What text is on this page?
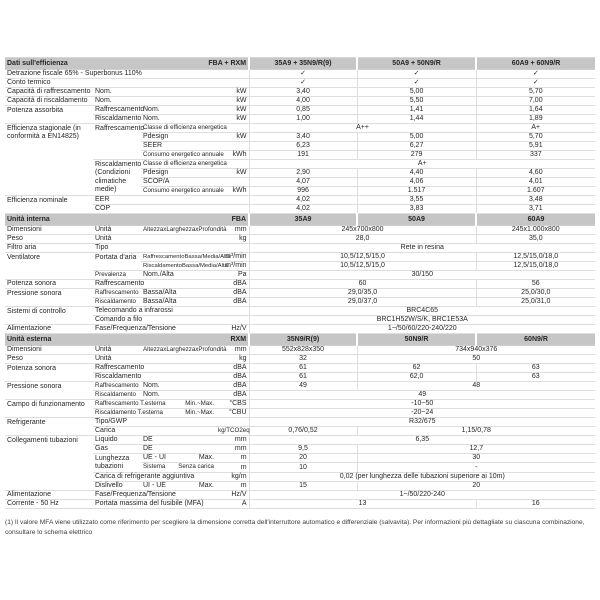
Dati sull'efficienza FBA + RXM				35A9 + 35N9/R(9)	50A9 + 50N9/R	60A9 + 60N9/R
Detrazione fiscale 65% - Superbonus 110%				✓	✓	✓
Conto termico				✓	✓	✓
Capacità di raffrescamento	Nom.		kW	3,40	5,00	5,70
Capacità di riscaldamento	Nom.		kW	4,00	5,50	7,00
Potenza assorbita	Raffrescamento	Nom.	kW	0,85	1,41	1,64
	Riscaldamento	Nom.	kW	1,00	1,44	1,89
Efficienza stagionale (in conformità a EN14825)	Raffrescamento	Classe di efficienza energetica		A++		A+
		Pdesign	kW	3,40	5,00	5,70
		SEER		6,23	6,27	5,91
		Consumo energetico annuale	kWh	191	279	337
	Riscaldamento (Condizioni climatiche medie)	Classe di efficienza energetica		A+		
		Pdesign	kW	2,90	4,40	4,60
		SCOP/A		4,07	4,06	4,01
		Consumo energetico annuale	kWh	996	1.517	1.607
Efficienza nominale	EER			4,02	3,55	3,48
	COP			4,02	3,83	3,71

Unità interna FBA				35A9	50A9	60A9
Dimensioni	Unità	AltezzaxLarghezzaxProfondità	mm	245x700x800		245x1.000x800
Peso	Unità		kg	28,0		35,0
Filtro aria	Tipo			Rete in resina		
Ventilatore	Portata d'aria	Raffrescamento Bassa/Media/Alta	m³/min	10,5/12,5/15,0		12,5/15,0/18,0

		Riscaldamento Bassa/Media/Alta	m³/min	10,5/12,5/15,0		12,5/15,0/18,0
	Prevalenza	Nom./Alta	Pa	30/150		
Potenza sonora	Raffrescamento		dBA	60		56
Pressione sonora	Raffrescamento	Bassa/Alta	dBA	29,0/35,0		25,0/30,0
	Riscaldamento	Bassa/Alta	dBA	29,0/37,0		25,0/31,0
Sistemi di controllo	Telecomando a infrarossi			BRC4C65		
	Comando a filo			BRC1H52W/S/K, BRC1E53A		
Alimentazione	Fase/Frequenza/Tensione		Hz/V	1~/50/60/220-240/220		

Unità esterna RXM				35N9/R(9)	50N9/R	60N9/R
Dimensioni	Unità	AltezzaxLarghezzaxProfondità	mm	552x828x350	734x940x376	
Peso	Unità		kg	32	50	
Potenza sonora	Raffrescamento		dBA	61	62	63
	Riscaldamento		dBA	61	62,0	63
Pressione sonora	Raffrescamento	Nom.	dBA	49	48	
	Riscaldamento	Nom.	dBA	49		
Campo di funzionamento	Raffrescamento T.esterna Min.~Max.		°CBS	-10~50		

	Riscaldamento T.esterna Min.~Max.		°CBU	-20~24		
Refrigerante	Tipo/GWP			R32/675		
	Carica		kg/TCO2eq	0,76/0,52	1,15/0,78	
Collegamenti tubazioni	Liquido	DE	mm	6,35		
	Gas	DE	mm	9,5	12,7	
	Lunghezza tubazioni	UE - UI Max.	m	20	30	

		Sistema Senza carica	m	10	-	
	Carica di refrigerante aggiuntiva		kg/m	0,02 (per lunghezza delle tubazioni superiore ai 10m)		
	Dislivello	UI - UE Max.	m	15	20	
Alimentazione	Fase/Frequenza/Tensione		Hz/V	1~/50/220-240		
Corrente - 50 Hz	Portata massima del fusibile (MFA)		A	13		16
(1) Il valore MFA viene utilizzato come riferimento per scegliere la dimensione corretta dell'interruttore automatico e differenziale (salvavita). Per informazioni più dettagliate su ciascuna combinazione, consultare lo schema elettrico
